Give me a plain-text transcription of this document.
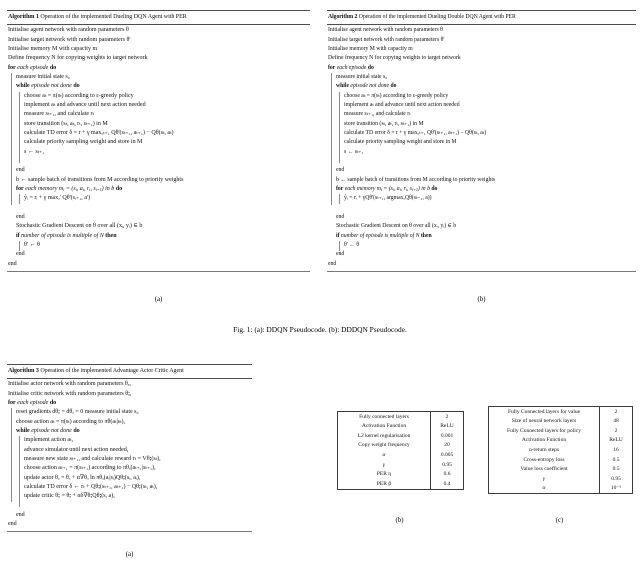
Algorithm 1 Operation of the implemented Dueling DQN Agent with PER
Initialise agent network with random parameters θ
Initialise target network with random parameters θ'
Initialise memory M with capacity m
Define frequency N for copying weights to target network
for each episode do
measure initial state s₀
while episode not done do
choose aₜ = π(sₜ) according to ε-greedy policy
implement aₜ and advance until next action needed
measure sₜ₊₁, and calculate rₜ
store transition (sₜ, aₜ, rₜ, sₜ₊₁) in M
calculate TD error δ = r + γ maxₐₜ₊₁ Qθ'(sₜ₊₁, aₜ₊₁) − Qθ(sₜ, aₜ)
calculate priority sampling weight and store in M
s ← sₜ₊₁

end
b ← sample batch of transitions from M according to priority weights
for each memory $m_i = (s_i$, $a_i$, $r_i$, $s_{i+1}$) in b do
ŷᵢ = rᵢ + γ maxₐ' Qθ'(sᵢ₊₁, a')

end
Stochastic Gradient Descent on θ over all (xᵢ, yᵢ) ∈ b
if number of episode is multiple of N then
θ' ← θ
end
end
(a)
Algorithm 2 Operation of the implemented Dueling Double DQN Agent with PER
Initialise agent network with random parameters θ
Initialise target network with random parameters θ'
Initialise memory M with capacity m
Define frequency N for copying weights to target network
for each episode do
measure initial state s₀
while episode not done do
choose aₜ = π(sₜ) according to ε-greedy policy
implement aₜ and advance until next action needed
measure sₜ₊₁, and calculate rₜ
store transition (sₜ, aₜ, rₜ, sₜ₊₁) in M
calculate TD error δ = r + γ maxₐₜ₊₁ Qθ'(sₜ₊₁, aₜ₊₁) − Qθ(sₜ, aₜ)
calculate priority sampling weight and store in M
s ← sₜ₊₁

end
b ← sample batch of transitions from M according to priority weights
for each memory $m_i = (s_i$, $a_i$, $r_i$, $s_{i+1}$) in b do
ŷᵢ = rᵢ + γQθ'(sₜ₊₁, argmaxₐQθ(sₜ₋₁, a))

end
Stochastic Gradient Descent on θ over all (xᵢ, yᵢ) ∈ b
if number of episode is multiple of N then
θ' ← θ
end
end
(b)
Fig. 1: (a): DDQN Pseudocode. (b): DDDQN Pseudocode.
Algorithm 3 Operation of the implemented Advantage Actor Critic Agent
Initialise actor network with random parameters θₐ,
Initialise critic network with random parameters θꓼ,
for each episode do
reset gradients dθꓼ = dθₐ = 0 measure initial state s₀
choose action aₜ = π(sₜ) according to πθ(aₜ|sₜ),
while episode not done do
implement action aₜ,
advance simulator until next action needed,
measure new state sₜ₊₁, and calculate reward rₜ = Vθꓼ(sₜ),
choose action aₜ₊₁ = π(sₜ₊₁) according to πθₐ(aₜ₊₁|sₜ₊₁),
update actor θₐ = θₐ + α∇θₐ ln πθₐ(aᵢ|sᵢ)Qθꓼ(sᵢ, aᵢ),
calculate TD error δ ← rₜ + Qθꓼ(sₜ₊₁, aₜ₊₁) − Qθꓼ(sₜ, aₜ),
update critic θꓼ = θꓼ + αδ∇θꓼQθꓼ(s, a),

end
end
(a)
Fully connected layers	2
Activation Function	ReLU
L2 kernel regularisation	0.001
Copy weight frequency	20
α	0.005
γ	0.95
PER η	0.6
PER β	0.4
(b)
Fully Connected layers for value	2
Size of neural network layers	48
Fully Connected layers for policy	2
Activation Function	ReLU
n-return steps	16
Cross-entropy loss	0.5
Value loss coefficient	0.5
γ	0.95
α	10⁻⁵
(c)
